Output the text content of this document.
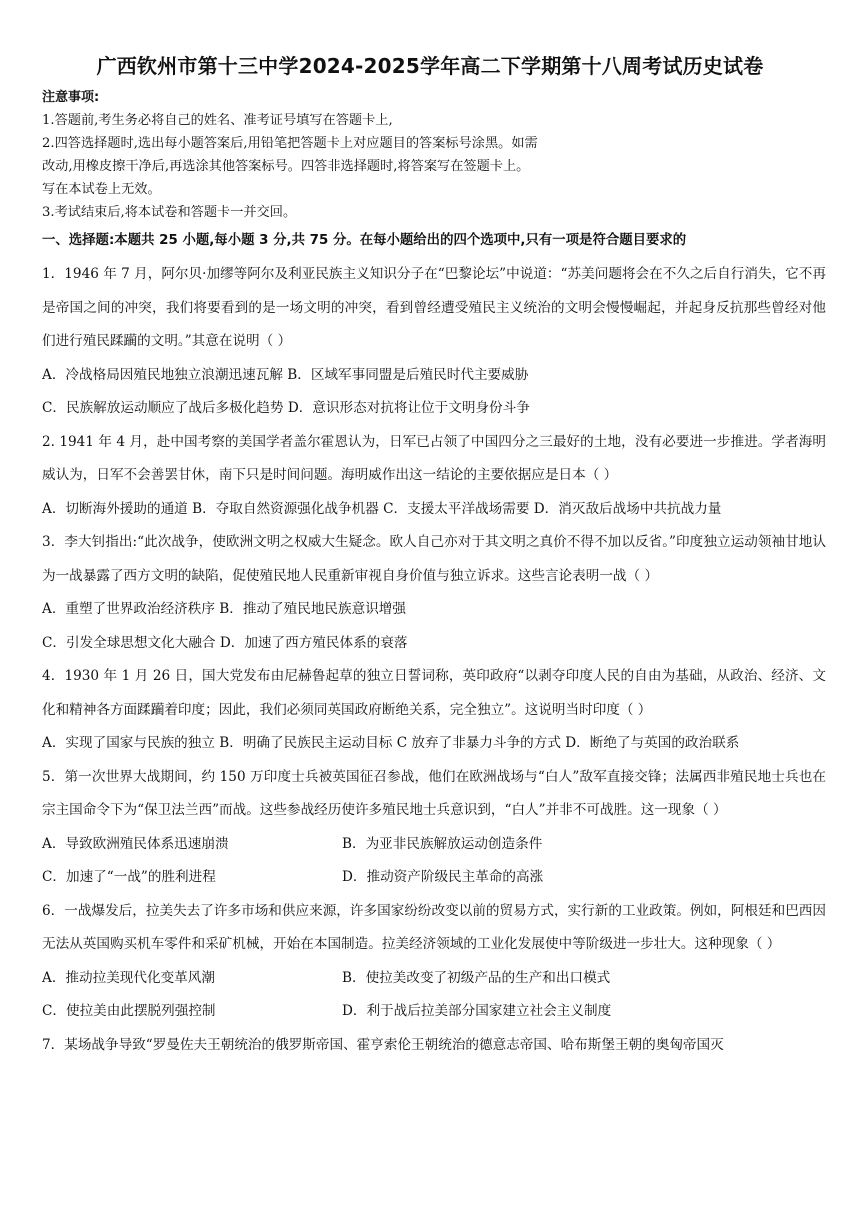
广西钦州市第十三中学2024-2025学年高二下学期第十八周考试历史试卷
注意事项:
1.答题前,考生务必将自己的姓名、准考证号填写在答题卡上,
2.四答选择题时,选出每小题答案后,用铅笔把答题卡上对应题目的答案标号涂黑。如需
改动,用橡皮擦干净后,再选涂其他答案标号。四答非选择题时,将答案写在签题卡上。
写在本试卷上无效。
3.考试结束后,将本试卷和答题卡一并交回。
一、选择题:本题共 25 小题,每小题 3 分,共 75 分。在每小题给出的四个选项中,只有一项是符合题目要求的
1．1946 年 7 月，阿尔贝·加缪等阿尔及利亚民族主义知识分子在“巴黎论坛”中说道：“苏美问题将会在不久之后自行消失，它不再是帝国之间的冲突，我们将要看到的是一场文明的冲突，看到曾经遭受殖民主义统治的文明会慢慢崛起，并起身反抗那些曾经对他们进行殖民蹂躏的文明。”其意在说明（ ）
A．冷战格局因殖民地独立浪潮迅速瓦解 B．区域军事同盟是后殖民时代主要威胁
C．民族解放运动顺应了战后多极化趋势 D．意识形态对抗将让位于文明身份斗争
2. 1941 年 4 月，赴中国考察的美国学者盖尔霍恩认为，日军已占领了中国四分之三最好的土地，没有必要进一步推进。学者海明威认为，日军不会善罢甘休，南下只是时间问题。海明威作出这一结论的主要依据应是日本（ ）
A．切断海外援助的通道 B．夺取自然资源强化战争机器 C．支援太平洋战场需要 D．消灭敌后战场中共抗战力量
3．李大钊指出:“此次战争，使欧洲文明之权威大生疑念。欧人自己亦对于其文明之真价不得不加以反省。”印度独立运动领袖甘地认为一战暴露了西方文明的缺陷，促使殖民地人民重新审视自身价值与独立诉求。这些言论表明一战（ ）
A．重塑了世界政治经济秩序 B．推动了殖民地民族意识增强
C．引发全球思想文化大融合 D．加速了西方殖民体系的衰落
4．1930 年 1 月 26 日，国大党发布由尼赫鲁起草的独立日誓词称，英印政府“以剥夺印度人民的自由为基础，从政治、经济、文化和精神各方面蹂躏着印度；因此，我们必须同英国政府断绝关系，完全独立”。这说明当时印度（ ）
A．实现了国家与民族的独立 B．明确了民族民主运动目标 C 放弃了非暴力斗争的方式 D．断绝了与英国的政治联系
5．第一次世界大战期间，约 150 万印度士兵被英国征召参战，他们在欧洲战场与“白人”敌军直接交锋；法属西非殖民地士兵也在宗主国命令下为“保卫法兰西”而战。这些参战经历使许多殖民地士兵意识到，“白人”并非不可战胜。这一现象（ ）
A．导致欧洲殖民体系迅速崩溃	B．为亚非民族解放运动创造条件
C．加速了“一战”的胜利进程	D．推动资产阶级民主革命的高涨
6．一战爆发后，拉美失去了许多市场和供应来源，许多国家纷纷改变以前的贸易方式，实行新的工业政策。例如，阿根廷和巴西因无法从英国购买机车零件和采矿机械，开始在本国制造。拉美经济领域的工业化发展使中等阶级进一步壮大。这种现象（ ）
A．推动拉美现代化变革风潮	B．使拉美改变了初级产品的生产和出口模式
C．使拉美由此摆脱列强控制	D．利于战后拉美部分国家建立社会主义制度
7．某场战争导致“罗曼佐夫王朝统治的俄罗斯帝国、霍亨索伦王朝统治的德意志帝国、哈布斯堡王朝的奥匈帝国灭
